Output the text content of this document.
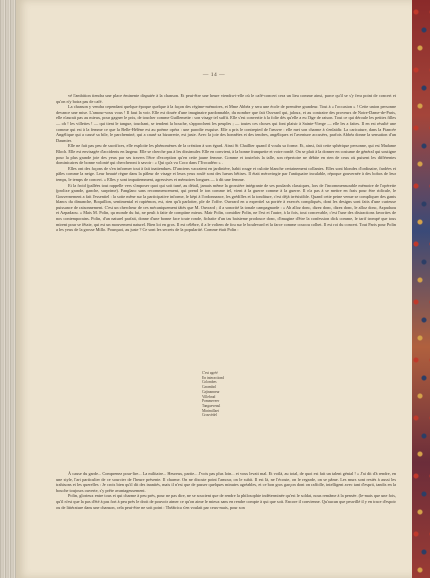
— 14 —

vé l'ambition tiendra une place éminente disputée à la chanson. Et peut-être une heure viendra-t-elle où le café-concert cera un lieu comme ainsi, parce qu'il se s'y fera point de concert et qu'on n'y boira pas de café.

La chanson y vendra cependant quelque époque quelque à la façon des régime-mémoires, et Mme Abbéa y sera une école de première grandeur. Tout à « l'occasion » ! Cette union personne devance une mise. L'amour-vous vous ! Il faut la voir. Elle est douée d'une imaginaire pardonnable, du nombre que fait Ouvrard qui, jaloux, et au contraire des proveurs de Notre-Dame-de-Paris, elle n'aurait pas au mieux, pour gagner le prix, de toucher comme Guillemette : son visage tel suffit. Elle s'est convertie à la folie dès qu'elle a eu l'âge de raison. Tout ce qui déroule les petites filles — oh ! les villettes ! — qui tient le tangue, touchant, se tendent la bouche, s'approchent les peuples ; — toutes ces choses qui font plaisir à Sainte-Vierge — elle les a faites. Il en est résulté une comme qui est à la femme ce que la Belle-Hélène est au poème opéra : une parodie exquise. Elle a pris le contrepied de l'œuvre : elle met son charme à s'enlaidir. La caricature, dans la Fiancée Angélique qui a causé sa bile, le parcheminé, qui a causé sa bizarrerie, est juste. Avec la joie des honnêtes et des tendres, angéliques et l'aventure accusées, parfois Abbéa donne la sensation d'un Daumier.

Elle ne fait pas peu de sacrifices, elle exploite les phénomènes de la création à son égard. Ainsi St Chaillier quand il voulu sa forme. Et, ainsi, fait cette sphérique personne, qui est Madame Bloch. Elle est envisagée d'accidents en largeur. Elle se cherche pas à les dissimuler. Elle en convient, à la bonne franquette et voire rondé. On se plait à la donner en costume de général qui soutigne pour la plus grande joie des yeux par ses travers l'être d'exception qu'en cette jaune femme. Comme et toutefois la talle, son répertoire ne débite en rien de ceux où puisent les différentes dominicaires de bonne volonté qui chercheront à savoir : « Qui qu'a vu Coco dans l'Trocadéro » .

Elles ont des façons de s'en informer tout à fait inattendues. D'anciens vacraient en jardinière, habit rouge et culotte blanche certainement collantes. Elles sont blondes d'ordinaire, fardées et pâles comme la neige. Leur beauté règne dans la pâleur de visage et leurs yeux roulé sont des lueurs bêtises. Il était mérovingie par l'antiquaire inculable, répoque gouvernée à des bobos de leur temps, le temps de concert. « Elles y sont impatiemment, agressives et mémoires longues — à dit une femme.

Et la froid (pallées tout rappelle vers s'imposer quoi qui soit tuné, au détail, jamais même la grossière intégrante de ses poulards classiques, lors de l'incommensurable mémoire de l'opérette (prolixe grande, ganche, surprime). Fanglanc sans recommencement, qui prend le ton comme tel, vient à la guerre comme à la guerre. Il n'a pas à se mettre en frais pour être ridicule, le Gouvernement a fait l'essentiel : la sotte mêne sur la participative informe, le kèpi à l'ordonnance, les grédilles et la tonditure, c'est déjà irrésistible. Quand cette peine venue se compliquer des gants blancs du dimanche, Boquillon, sentimental et rapiémon, est, rien qu'à parlotter, ple de l'offre. Ouvrard en a expertiel sa portée à exercés compliqués, dont les designs sont faits d'une curieuse puissance de raisonnement. C'est un chercheur de ces mécaniquement tâtés que M. Ouvrard ; il a sonorité la tonale campagnarde : « Ah alloz donc, dizez donc, dizez donc, le alloz donc, Azpadaou et Azpadaou. » Mais M. Polin, qu monde du fut, ne peult à faite de comptine mieux. Mair Polin, comidier Polin, ne l'est et l'autre, à la fois, tout concevable, c'est l'une des distractions favorites de nos contemporains. Polin, d'un naturel parfait, donne d'une bonne face toute ronde, fichaite d'un tas baisieme prodouce donc, d'imagine d'être la confession dick comme, le tarif trompé que tous mirent pour se fêtaie, qui est un mouvement naturel. Bien loi en gros. Il est célèbre, il a le voltem de fou sur le boulevard et la farce comme coucou colhet. Il est roi du concert. Tout Paris pour Polin a les yeux de la grosse Millo. Pourquoi, au juste ? Ce sont les secrets de la popularité. Comme était Polin :

C'est agréé
En interactiond
Colombes
Carambol
Cajinanneur
Villebrad
Pommeveer
Tangueveaul
Minimillaet
Crouvèdel

À cause du garde... Comprenez pour-lire... La militaire... Heureux, partie... J'vois pas plus loin... et vous levait mal. Et voilà, au total, de quoi est fait un talent génial ! « J'ai dit d'à rendre, en une style, l'art particulier de ce sourcier de l'heure présente. Il charme. On ne discute point l'amour, on le subit. Il est là, ne l'écoute, on le regarde, on se pâme. Les murs sont restés à aussi les trahisons et les querelles : Je crois bien qu'il dit des inanités, mais il n'est que de passer quelques minutes agréables, et ce bon gros garçon dont on raffolle, intelligent avec tant d'esprit, tandis en la bouche toujours ouverte, s'y prête avantageusement.

Polin, glorieux entre tous et qui charme à peu près, pour ne pas dire, ne se soucient que de rendre la philosophie indéterminée qu'est le soldat, nous remâme à la pensée. (le-mais que une fois, qu'il n'est que la pas d'été à pas fort à peu près le droit de pouvoir aimer ce qu'on aime le mieux sans en rendre compte à qui que soit. Encore il convienne. Qu'aucun que peuvillé il y en trace d'espoir ou de littérature dans une chanson, cela peut-être ne soit point : Théâtrica s'en voulait par ceux-mais, pour son
